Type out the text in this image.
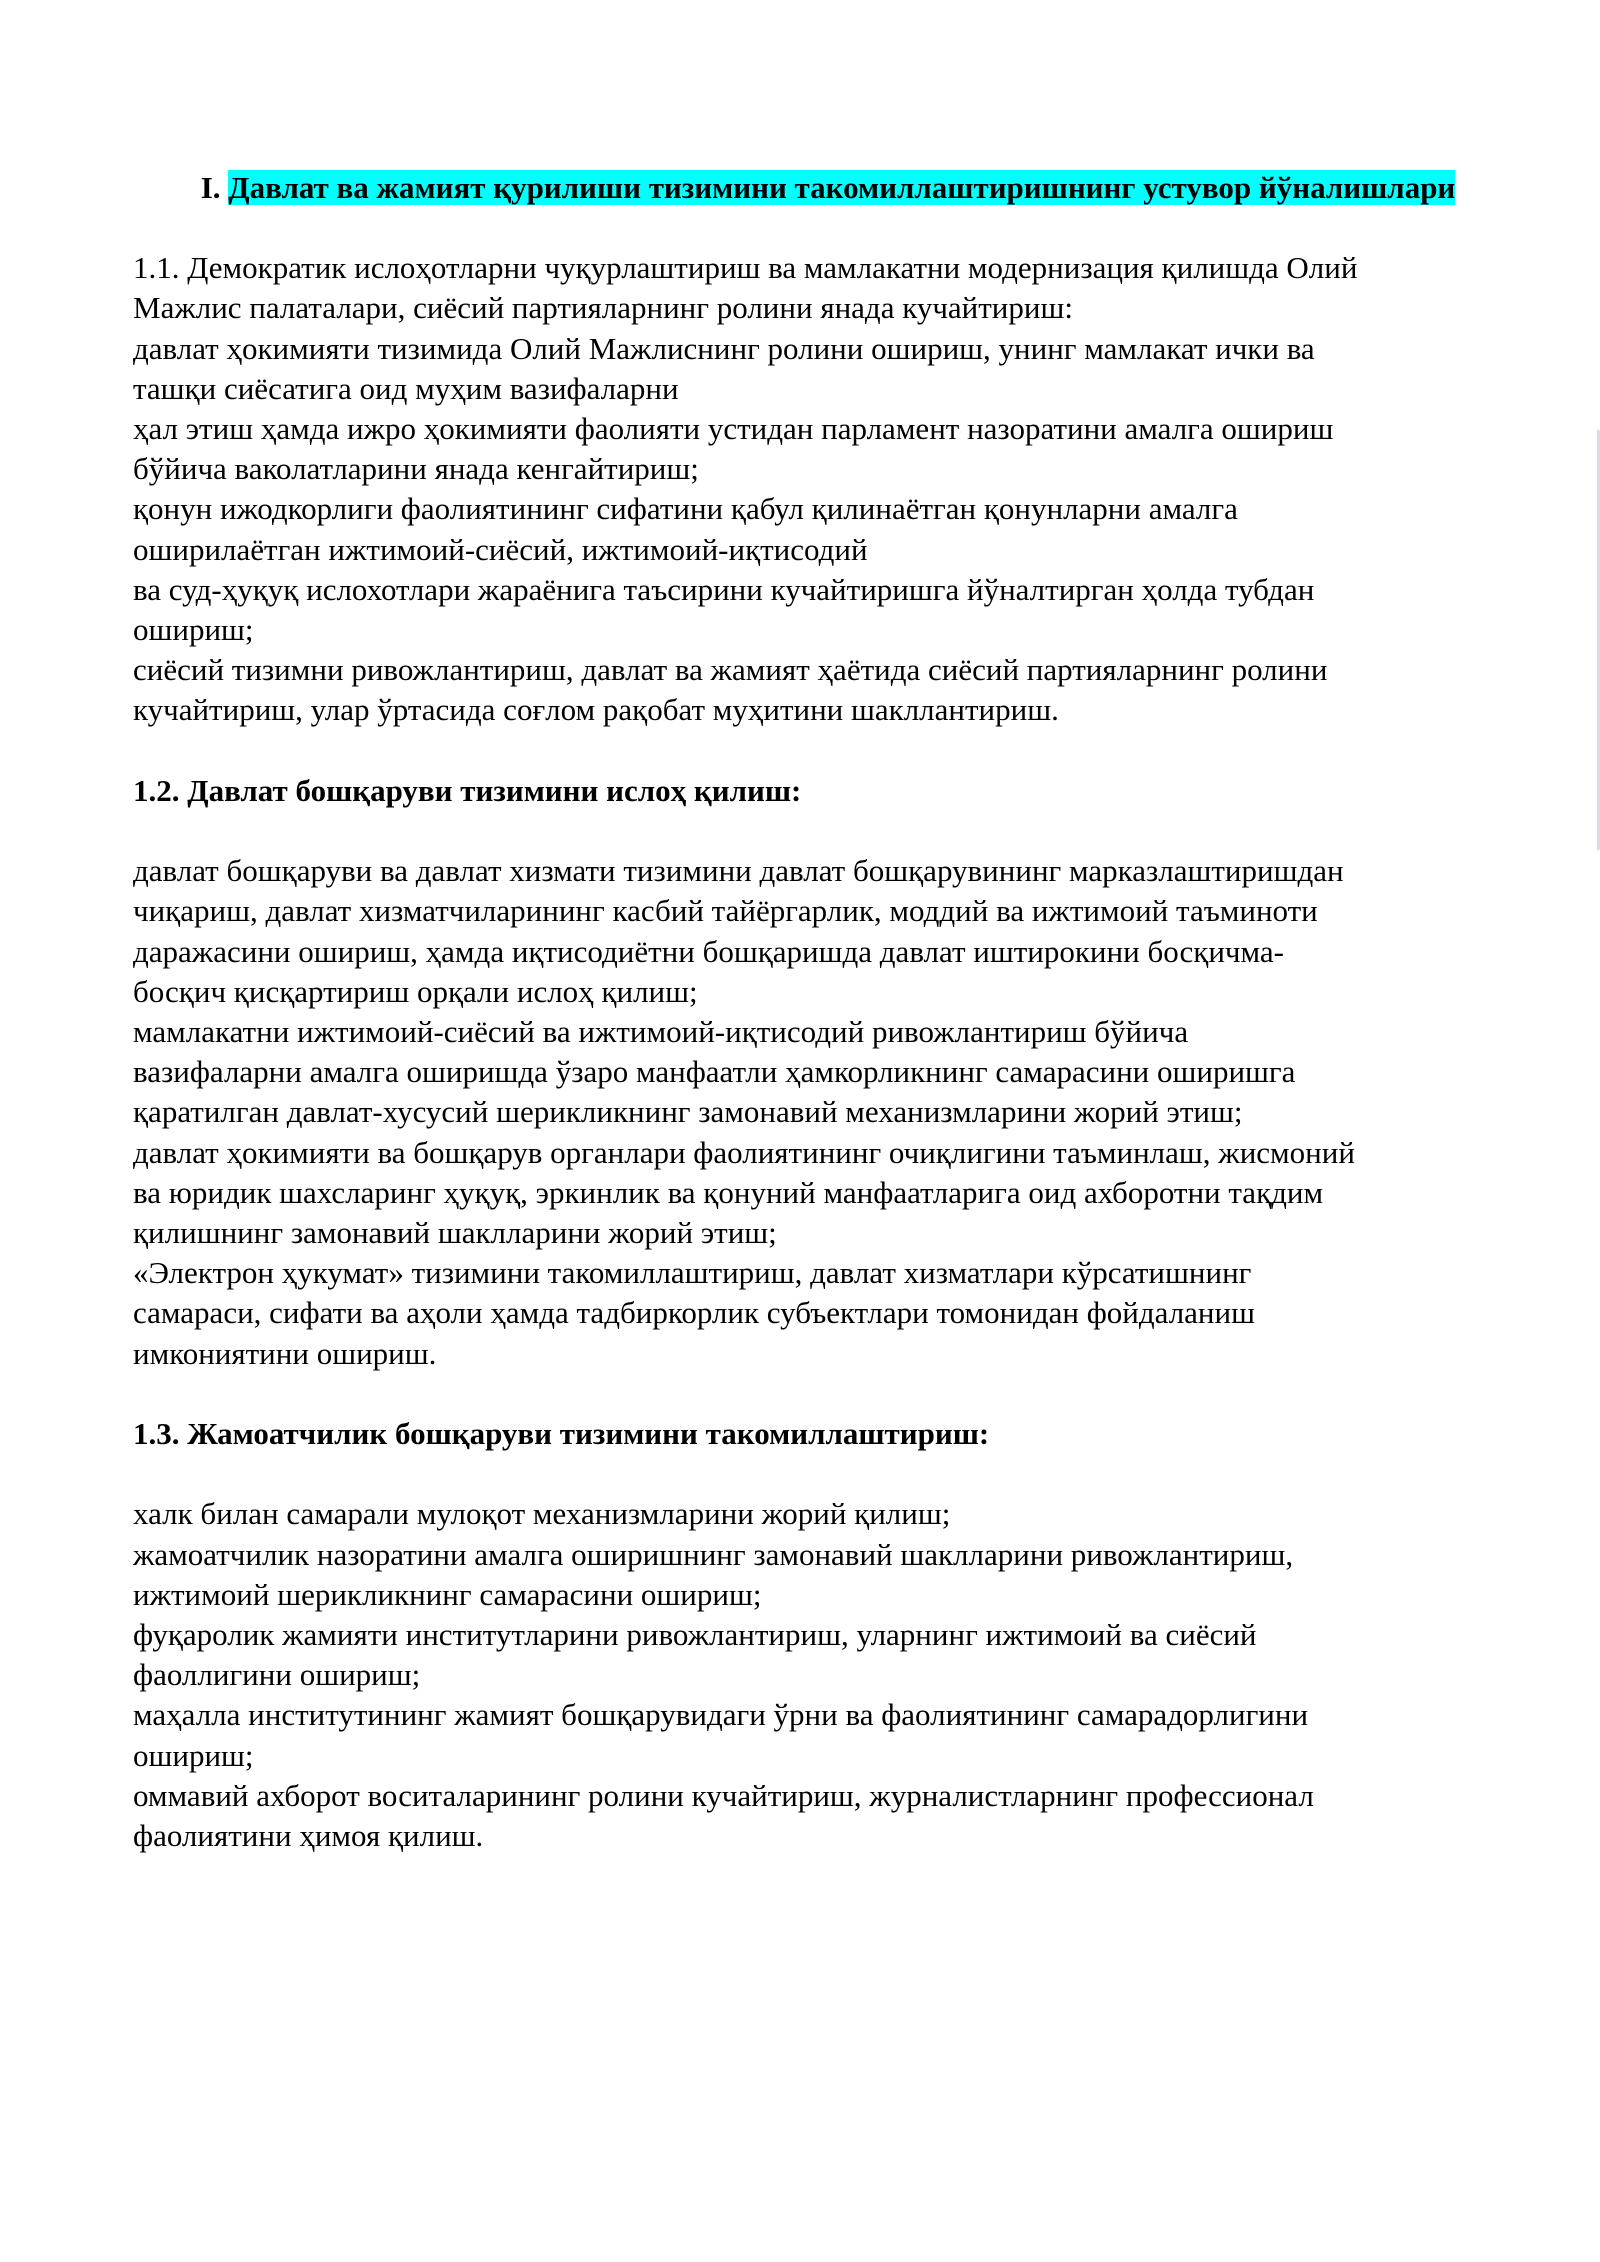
I. Давлат ва жамият қурилиши тизимини такомиллаштиришнинг устувор йўналишлари
1.1. Демократик ислоҳотларни чуқурлаштириш ва мамлакатни модернизация қилишда Олий
Мажлис палаталари, сиёсий партияларнинг ролини янада кучайтириш:
давлат ҳокимияти тизимида Олий Мажлиснинг ролини ошириш, унинг мамлакат ички ва
ташқи сиёсатига оид муҳим вазифаларни
ҳал этиш ҳамда ижро ҳокимияти фаолияти устидан парламент назоратини амалга ошириш
бўйича ваколатларини янада кенгайтириш;
қонун ижодкорлиги фаолиятининг сифатини қабул қилинаётган қонунларни амалга
оширилаётган ижтимоий-сиёсий, ижтимоий-иқтисодий
ва суд-ҳуқуқ ислохотлари жараёнига таъсирини кучайтиришга йўналтирган ҳолда тубдан
ошириш;
сиёсий тизимни ривожлантириш, давлат ва жамият ҳаётида сиёсий партияларнинг ролини
кучайтириш, улар ўртасида соғлом рақобат муҳитини шакллантириш.
1.2. Давлат бошқаруви тизимини ислоҳ қилиш:
давлат бошқаруви ва давлат хизмати тизимини давлат бошқарувининг марказлаштиришдан
чиқариш, давлат хизматчиларининг касбий тайёргарлик, моддий ва ижтимоий таъминоти
даражасини ошириш, ҳамда иқтисодиётни бошқаришда давлат иштирокини босқичма-
босқич қисқартириш орқали ислоҳ қилиш;
мамлакатни ижтимоий-сиёсий ва ижтимоий-иқтисодий ривожлантириш бўйича
вазифаларни амалга оширишда ўзаро манфаатли ҳамкорликнинг самарасини оширишга
қаратилган давлат-хусусий шерикликнинг замонавий механизмларини жорий этиш;
давлат ҳокимияти ва бошқарув органлари фаолиятининг очиқлигини таъминлаш, жисмоний
ва юридик шахсларинг ҳуқуқ, эркинлик ва қонуний манфаатларига оид ахборотни тақдим
қилишнинг замонавий шаклларини жорий этиш;
«Электрон ҳукумат» тизимини такомиллаштириш, давлат хизматлари кўрсатишнинг
самараси, сифати ва аҳоли ҳамда тадбиркорлик субъектлари томонидан фойдаланиш
имкониятини ошириш.
1.3. Жамоатчилик бошқаруви тизимини такомиллаштириш:
халк билан самарали мулоқот механизмларини жорий қилиш;
жамоатчилик назоратини амалга оширишнинг замонавий шаклларини ривожлантириш,
ижтимоий шерикликнинг самарасини ошириш;
фуқаролик жамияти институтларини ривожлантириш, уларнинг ижтимоий ва сиёсий
фаоллигини ошириш;
маҳалла институтининг жамият бошқарувидаги ўрни ва фаолиятининг самарадорлигини
ошириш;
оммавий ахборот воситаларининг ролини кучайтириш, журналистларнинг профессионал
фаолиятини ҳимоя қилиш.
